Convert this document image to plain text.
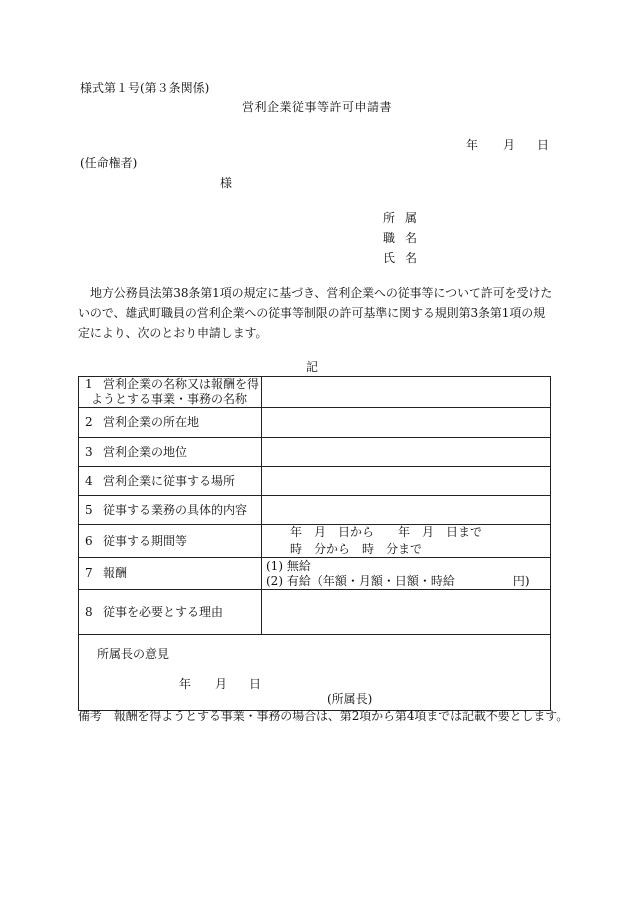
様式第１号(第３条関係)
営利企業従事等許可申請書
年 月 日
(任命権者)
様
所属
職名
氏名
地方公務員法第38条第1項の規定に基づき、営利企業への従事等について許可を受けたいので、雄武町職員の営利企業への従事等制限の許可基準に関する規則第3条第1項の規定により、次のとおり申請します。
記
1 営利企業の名称又は報酬を得
ようとする事業・事務の名称	

2 営利企業の所在地	
3 営利企業の地位	
4 営利企業に従事する場所	
5 従事する業務の具体的内容	
6 従事する期間等	年　月　日から　　年　月　日まで
時　分から　時　分まで

7 報酬	(1) 無給
(2) 有給（年額・月額・日額・時給 円)

8 従事を必要とする理由	

所属長の意見
年 月 日
(所属長)	
備考　報酬を得ようとする事業・事務の場合は、第2項から第4項までは記載不要とします。
